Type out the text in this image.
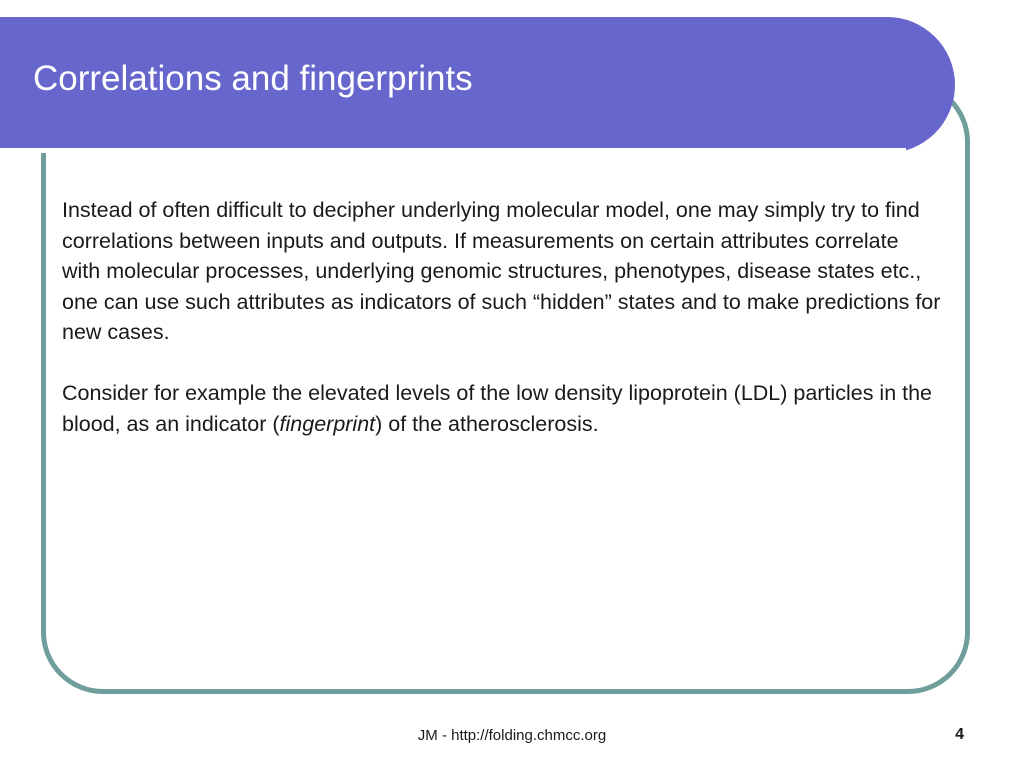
Correlations and fingerprints

Instead of often difficult to decipher underlying molecular model, one may simply try to find correlations between inputs and outputs. If measurements on certain attributes correlate with molecular processes, underlying genomic structures, phenotypes, disease states etc., one can use such attributes as indicators of such “hidden” states and to make predictions for new cases.

Consider for example the elevated levels of the low density lipoprotein (LDL) particles in the blood, as an indicator (fingerprint) of the atherosclerosis.

JM - http://folding.chmcc.org	4
